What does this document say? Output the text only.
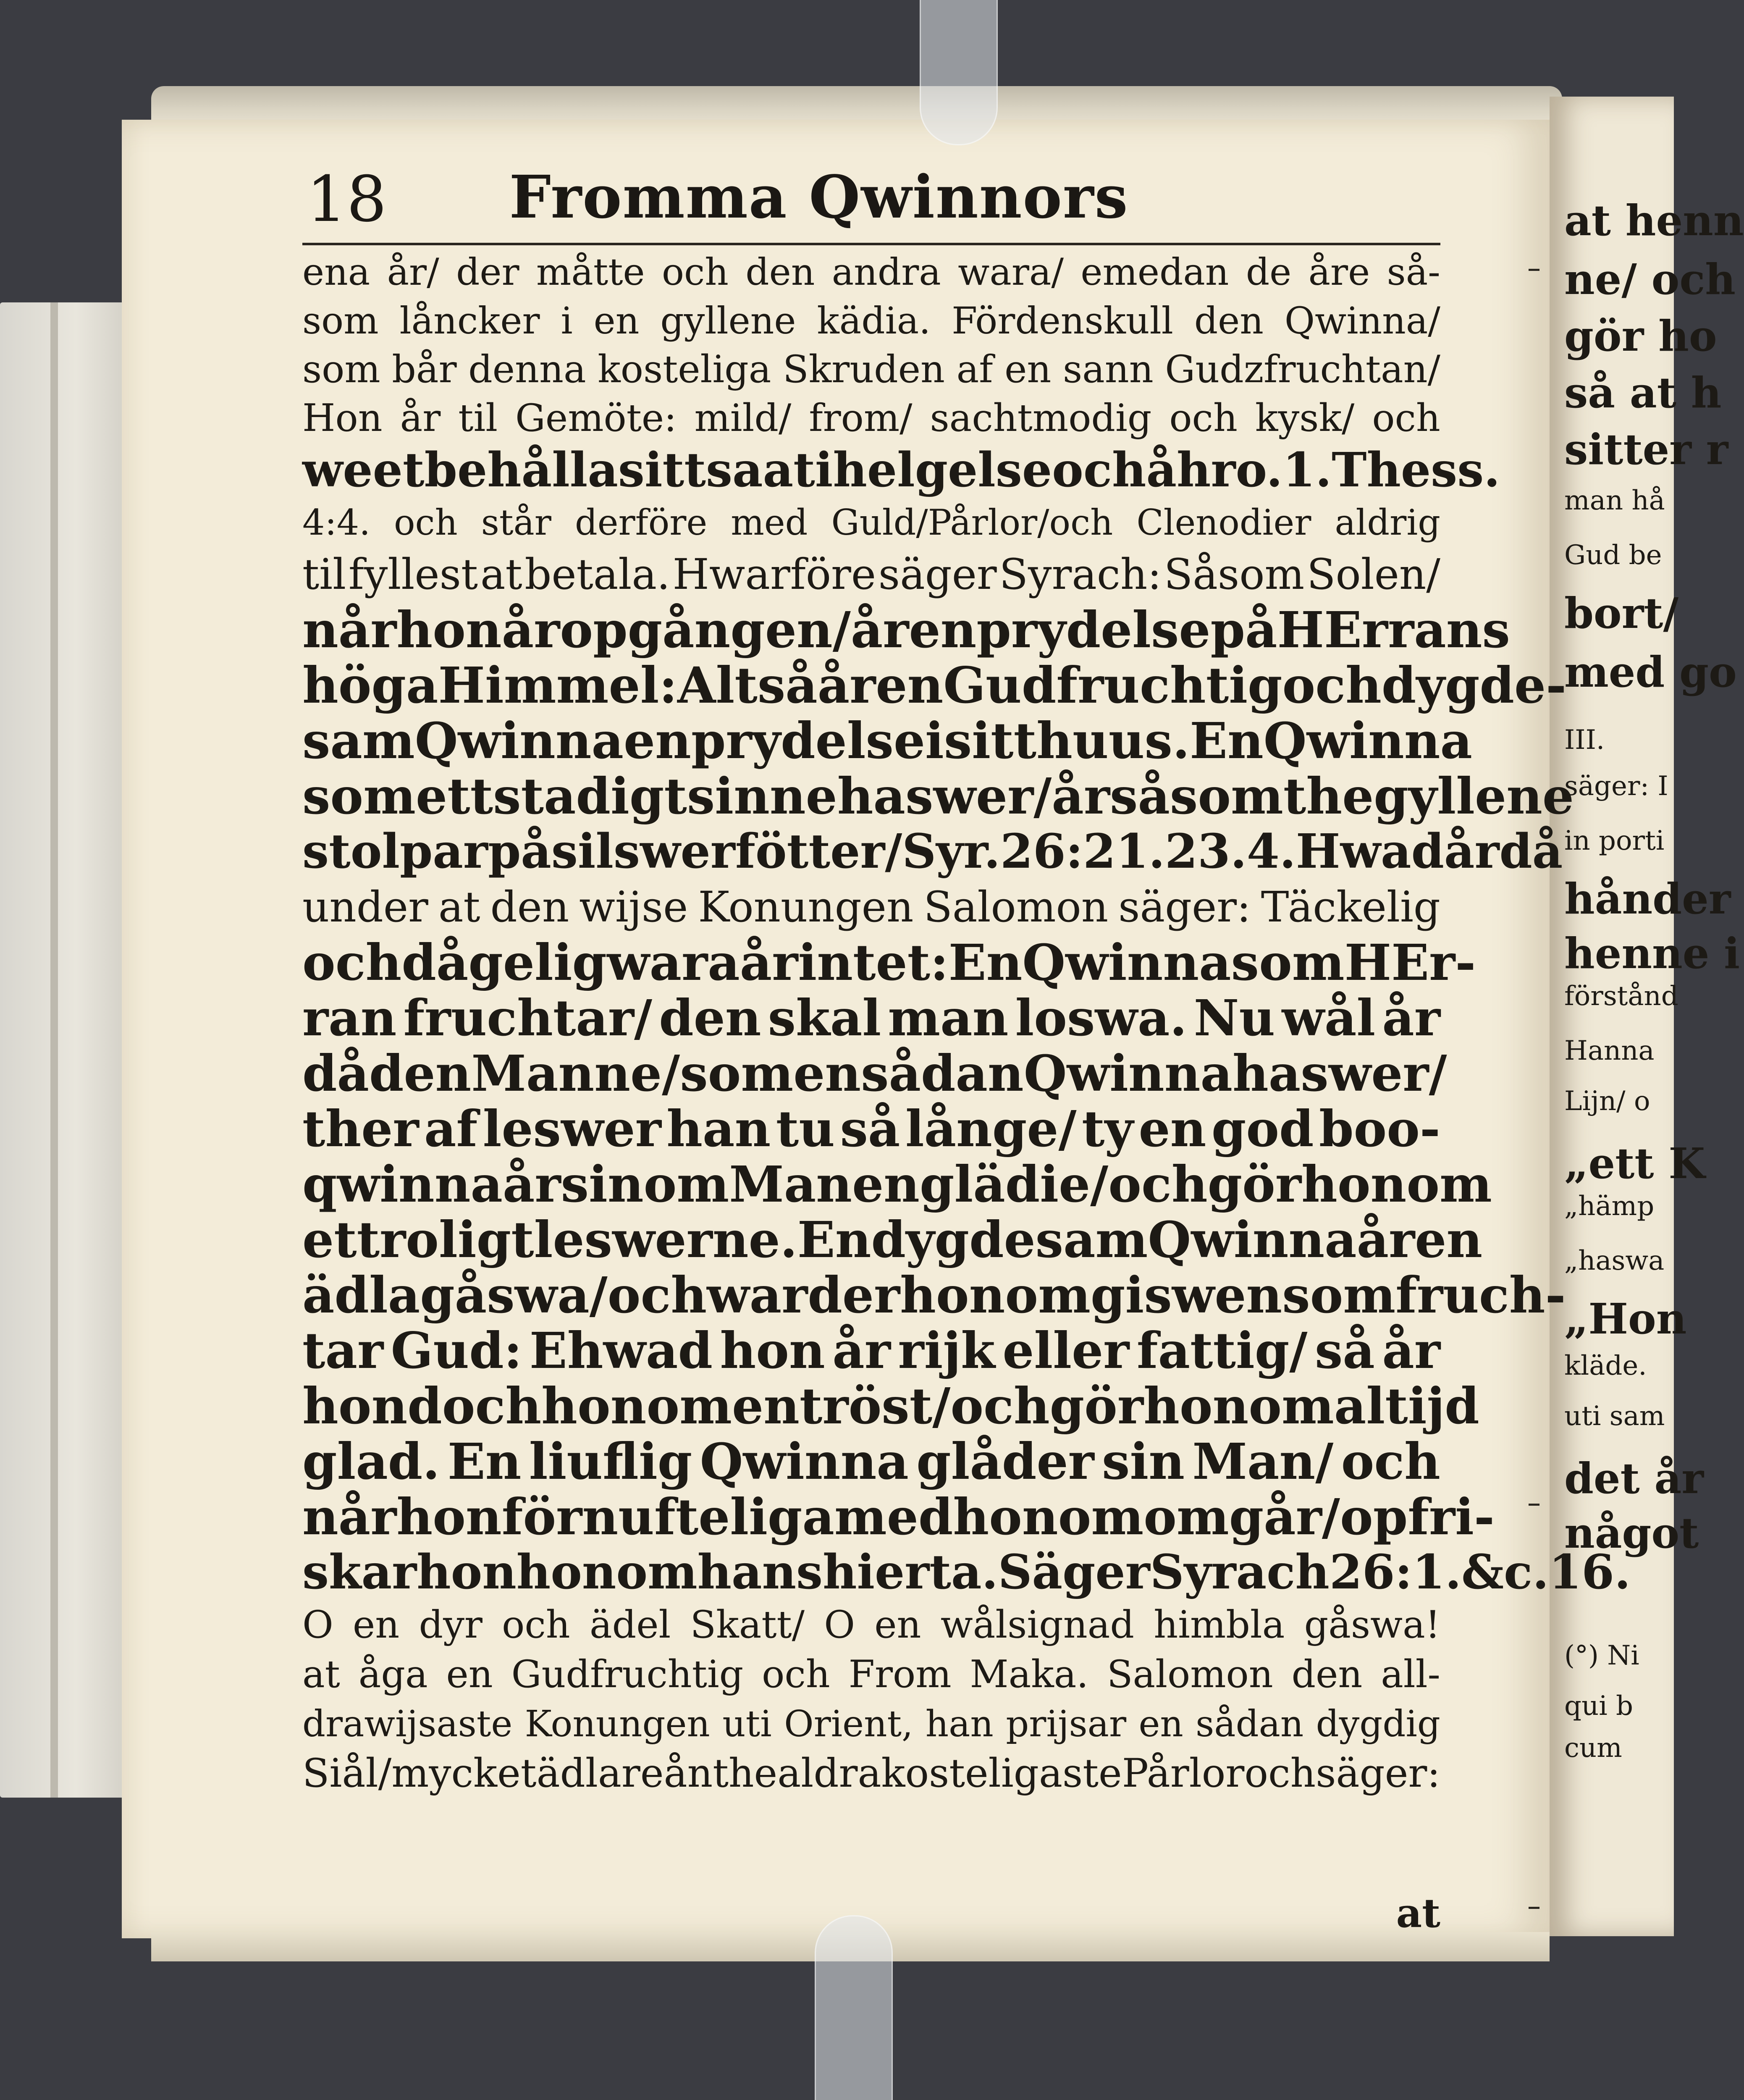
at henn
ne/ och
gör ho
så at h
sitter r
man hå
Gud be
bort/
med go
III.
säger: I
in porti
hånder
henne i
förstånd
Hanna
Lijn/ o
„ett K
„hämp
„haswa
„Hon
kläde.
uti sam
det år
något
(°) Ni
qui b
cum
18	Fromma Qwinnors
ena år/ der måtte och den andra wara/ emedan de åre så-
som låncker i en gyllene kädia. Fördenskull den Qwinna/
som bår denna kosteliga Skruden af en sann Gudzfruchtan/
Hon år til Gemöte: mild/ from/ sachtmodig och kysk/ och
weet behålla sitt saat i helgelse och åhro. 1. Thess.
4:4. och står derföre med Guld/Pårlor/och Clenodier aldrig
til fyllest at betala. Hwarföre säger Syrach: Såsom Solen/
når hon år opgången/ år en prydelse på HErrans
höga Himmel: Altså år en Gudfruchtig och dygde-
sam Qwinna en prydelse i sitt huus. En Qwinna
som ett stadigt sinne haswer/ år såsom the gyllene
stolpar på silswer fötter/ Syr.26:21.23.4. Hwad år då
under at den wijse Konungen Salomon säger: Täckelig
och dågelig wara år intet: En Qwinna som HEr-
ran fruchtar/ den skal man loswa. Nu wål år
då den Manne/ som en sådan Qwinna haswer/
ther af leswer han tu så långe/ ty en god boo-
qwinna år sinom Man en glädie/ och gör honom
ett roligt leswerne. En dygdesam Qwinna år en
ädla gåswa/ och warder honom giswen som fruch-
tar Gud: Ehwad hon år rijk eller fattig/ så år
hon doch honom en tröst/ och gör honom altijd
glad. En liuflig Qwinna glåder sin Man/ och
når hon förnufteliga med honom omgår/ opfri-
skar hon honom hans hierta. Säger Syrach 26:1.&c.16.
O en dyr och ädel Skatt/ O en wålsignad himbla gåswa!
at åga en Gudfruchtig och From Maka. Salomon den all-
drawijsaste Konungen uti Orient, han prijsar en sådan dygdig
Siål/ mycket ädlare ån the aldrakosteligaste Pårlor och säger:
at
